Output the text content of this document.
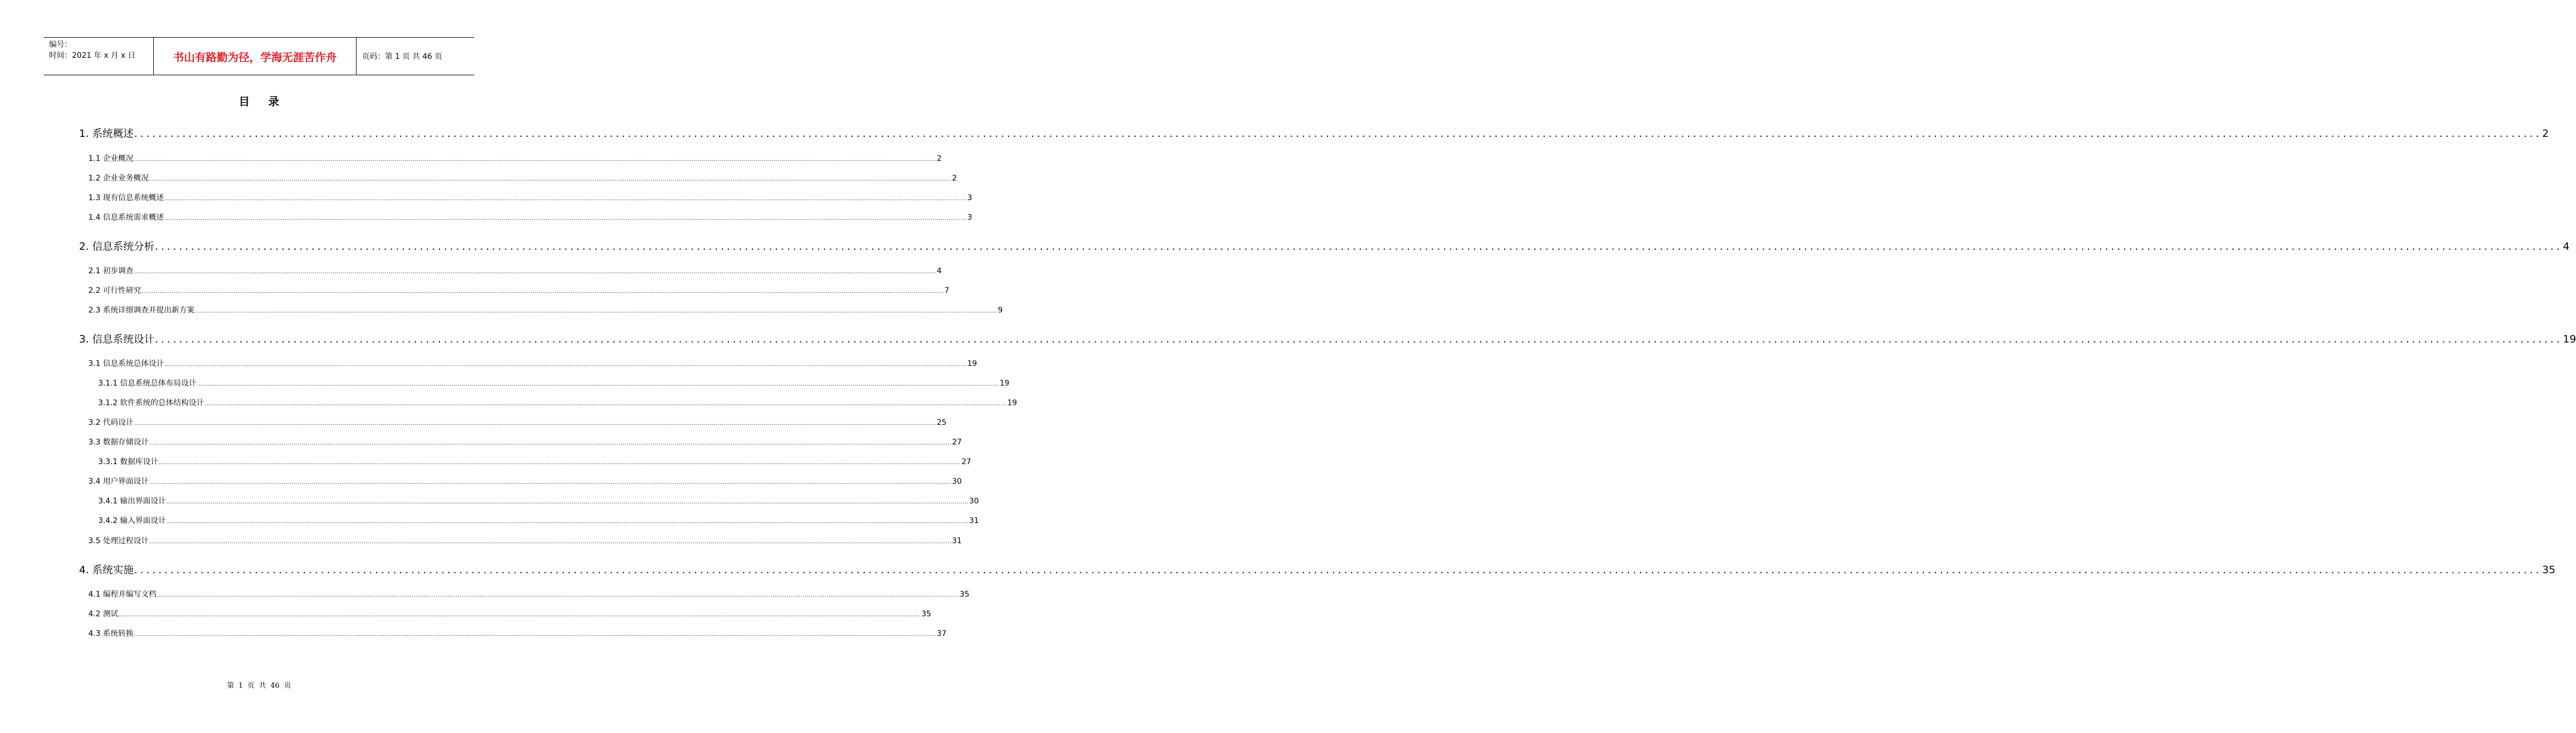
编号：
时间：2021 年 x 月 x 日	书山有路勤为径，学海无涯苦作舟	页码：第 1 页 共 46 页
目录
1. 系统概述 ................................................................................................................................................................................................................................................................................................................................................................................................................ 2
1.1 企业概况 ................................................................................................................................................................................................................................................................................................................................................................................................................ 2
1.2 企业业务概况 ................................................................................................................................................................................................................................................................................................................................................................................................................ 2
1.3 现有信息系统概述 ................................................................................................................................................................................................................................................................................................................................................................................................................ 3
1.4 信息系统需求概述 ................................................................................................................................................................................................................................................................................................................................................................................................................ 3
2. 信息系统分析 ................................................................................................................................................................................................................................................................................................................................................................................................................ 4
2.1 初步调查 ................................................................................................................................................................................................................................................................................................................................................................................................................ 4
2.2 可行性研究 ................................................................................................................................................................................................................................................................................................................................................................................................................ 7
2.3 系统详细调查并提出新方案 ................................................................................................................................................................................................................................................................................................................................................................................................................ 9
3. 信息系统设计 ................................................................................................................................................................................................................................................................................................................................................................................................................ 19
3.1 信息系统总体设计 ................................................................................................................................................................................................................................................................................................................................................................................................................ 19
3.1.1 信息系统总体布局设计 ................................................................................................................................................................................................................................................................................................................................................................................................................ 19
3.1.2 软件系统的总体结构设计 ................................................................................................................................................................................................................................................................................................................................................................................................................ 19
3.2 代码设计 ................................................................................................................................................................................................................................................................................................................................................................................................................ 25
3.3 数据存储设计 ................................................................................................................................................................................................................................................................................................................................................................................................................ 27
3.3.1 数据库设计 ................................................................................................................................................................................................................................................................................................................................................................................................................ 27
3.4 用户界面设计 ................................................................................................................................................................................................................................................................................................................................................................................................................ 30
3.4.1 输出界面设计 ................................................................................................................................................................................................................................................................................................................................................................................................................ 30
3.4.2 输入界面设计 ................................................................................................................................................................................................................................................................................................................................................................................................................ 31
3.5 处理过程设计 ................................................................................................................................................................................................................................................................................................................................................................................................................ 31
4. 系统实施 ................................................................................................................................................................................................................................................................................................................................................................................................................ 35
4.1 编程并编写文档 ................................................................................................................................................................................................................................................................................................................................................................................................................ 35
4.2 测试 ................................................................................................................................................................................................................................................................................................................................................................................................................ 35
4.3 系统转换 ................................................................................................................................................................................................................................................................................................................................................................................................................ 37
第 1 页 共 46 页
